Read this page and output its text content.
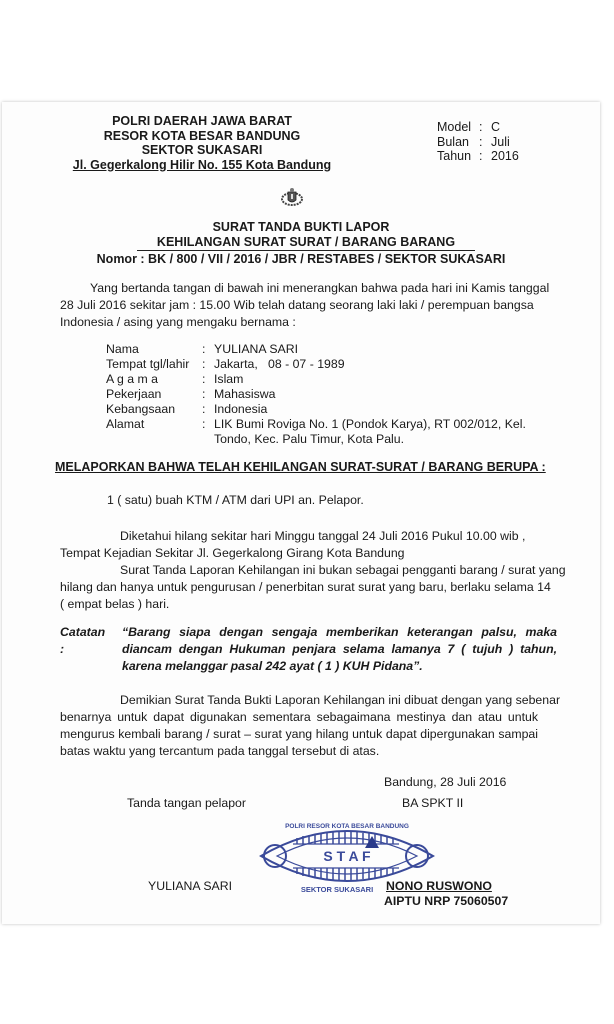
POLRI DAERAH JAWA BARAT
RESOR KOTA BESAR BANDUNG
SEKTOR SUKASARI
Jl. Gegerkalong Hilir No. 155 Kota Bandung
Model : C
Bulan : Juli
Tahun : 2016
SURAT TANDA BUKTI LAPOR
KEHILANGAN SURAT SURAT / BARANG BARANG
Nomor : BK / 800 / VII / 2016 / JBR / RESTABES / SEKTOR SUKASARI
Yang bertanda tangan di bawah ini menerangkan bahwa pada hari ini Kamis tanggal
28 Juli 2016 sekitar jam : 15.00 Wib telah datang seorang laki laki / perempuan bangsa
Indonesia / asing yang mengaku bernama :
Nama	: YULIANA SARI
Tempat tgl/lahir	: Jakarta,   08 - 07 - 1989
A g a m a	: Islam
Pekerjaan	: Mahasiswa
Kebangsaan	: Indonesia
Alamat	: LIK Bumi Roviga No. 1 (Pondok Karya), RT 002/012, Kel. Tondo, Kec. Palu Timur, Kota Palu.
MELAPORKAN BAHWA TELAH KEHILANGAN SURAT-SURAT / BARANG BERUPA :
1 ( satu) buah KTM / ATM dari UPI an. Pelapor.
Diketahui hilang sekitar hari Minggu tanggal 24 Juli 2016 Pukul 10.00 wib ,
Tempat Kejadian Sekitar Jl. Gegerkalong Girang Kota Bandung
Surat Tanda Laporan Kehilangan ini bukan sebagai pengganti barang / surat yang
hilang dan hanya untuk pengurusan / penerbitan surat surat yang baru, berlaku selama 14
( empat belas ) hari.
Catatan :
“Barang siapa dengan sengaja memberikan keterangan palsu, maka diancam dengan Hukuman penjara selama lamanya 7 ( tujuh ) tahun, karena melanggar pasal 242 ayat ( 1 ) KUH Pidana”.
Demikian Surat Tanda Bukti Laporan Kehilangan ini dibuat dengan yang sebenar
benarnya untuk dapat digunakan sementara sebagaimana mestinya dan atau untuk mengurus kembali barang / surat – surat yang hilang untuk dapat dipergunakan sampai batas waktu yang tercantum pada tanggal tersebut di atas.
Bandung, 28 Juli 2016
Tanda tangan pelapor	BA SPKT II
S T A F
POLRI RESOR KOTA BESAR BANDUNG
SEKTOR SUKASARI
YULIANA SARI	NONO RUSWONO
AIPTU NRP 75060507
